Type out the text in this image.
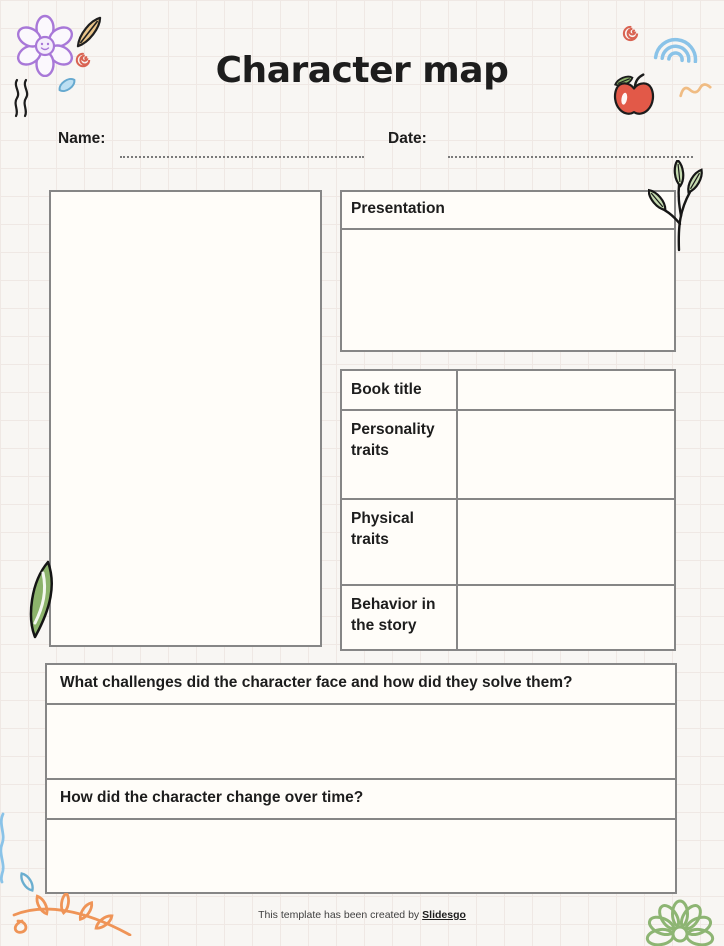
Character map
Name:	Date:
Presentation
Book title
Personality traits
Physical traits
Behavior in the story
What challenges did the character face and how did they solve them?
How did the character change over time?
This template has been created by Slidesgo
